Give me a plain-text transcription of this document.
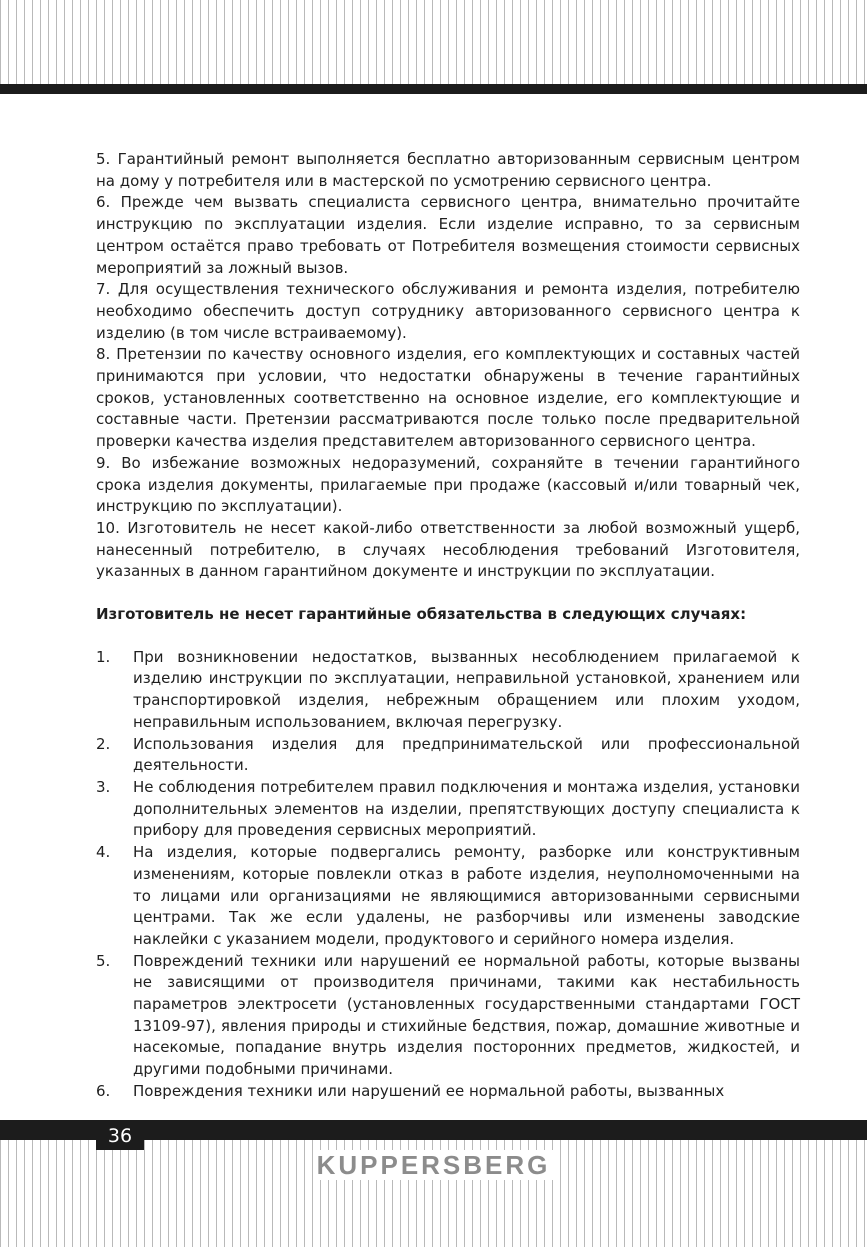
5. Гарантийный ремонт выполняется бесплатно авторизованным сервисным центром на дому у потребителя или в мастерской по усмотрению сервисного центра.

6. Прежде чем вызвать специалиста сервисного центра, внимательно прочитайте инструкцию по эксплуатации изделия. Если изделие исправно, то за сервисным центром остаётся право требовать от Потребителя возмещения стоимости сервисных мероприятий за ложный вызов.

7. Для осуществления технического обслуживания и ремонта изделия, потребителю необходимо обеспечить доступ сотруднику авторизованного сервисного центра к изделию (в том числе встраиваемому).

8. Претензии по качеству основного изделия, его комплектующих и составных частей принимаются при условии, что недостатки обнаружены в течение гарантийных сроков, установленных соответственно на основное изделие, его комплектующие и составные части. Претензии рассматриваются после только после предварительной проверки качества изделия представителем авторизованного сервисного центра.

9. Во избежание возможных недоразумений, сохраняйте в течении гарантийного срока изделия документы, прилагаемые при продаже (кассовый и/или товарный чек, инструкцию по эксплуатации).

10. Изготовитель не несет какой-либо ответственности за любой возможный ущерб, нанесенный потребителю, в случаях несоблюдения требований Изготовителя, указанных в данном гарантийном документе и инструкции по эксплуатации.

Изготовитель не несет гарантийные обязательства в следующих случаях:

1. При возникновении недостатков, вызванных несоблюдением прилагаемой к изделию инструкции по эксплуатации, неправильной установкой, хранением или транспортировкой изделия, небрежным обращением или плохим уходом, неправильным использованием, включая перегрузку.
2. Использования изделия для предпринимательской или профессиональной деятельности.
3. Не соблюдения потребителем правил подключения и монтажа изделия, установки дополнительных элементов на изделии, препятствующих доступу специалиста к прибору для проведения сервисных мероприятий.
4. На изделия, которые подвергались ремонту, разборке или конструктивным изменениям, которые повлекли отказ в работе изделия, неуполномоченными на то лицами или организациями не являющимися авторизованными сервисными центрами. Так же если удалены, не разборчивы или изменены заводские наклейки с указанием модели, продуктового и серийного номера изделия.
5. Повреждений техники или нарушений ее нормальной работы, которые вызваны не зависящими от производителя причинами, такими как нестабильность параметров электросети (установленных государственными стандартами ГОСТ 13109-97), явления природы и стихийные бедствия, пожар, домашние животные и насекомые, попадание внутрь изделия посторонних предметов, жидкостей, и другими подобными причинами.
6. Повреждения техники или нарушений ее нормальной работы, вызванных
36
KUPPERSBERG
